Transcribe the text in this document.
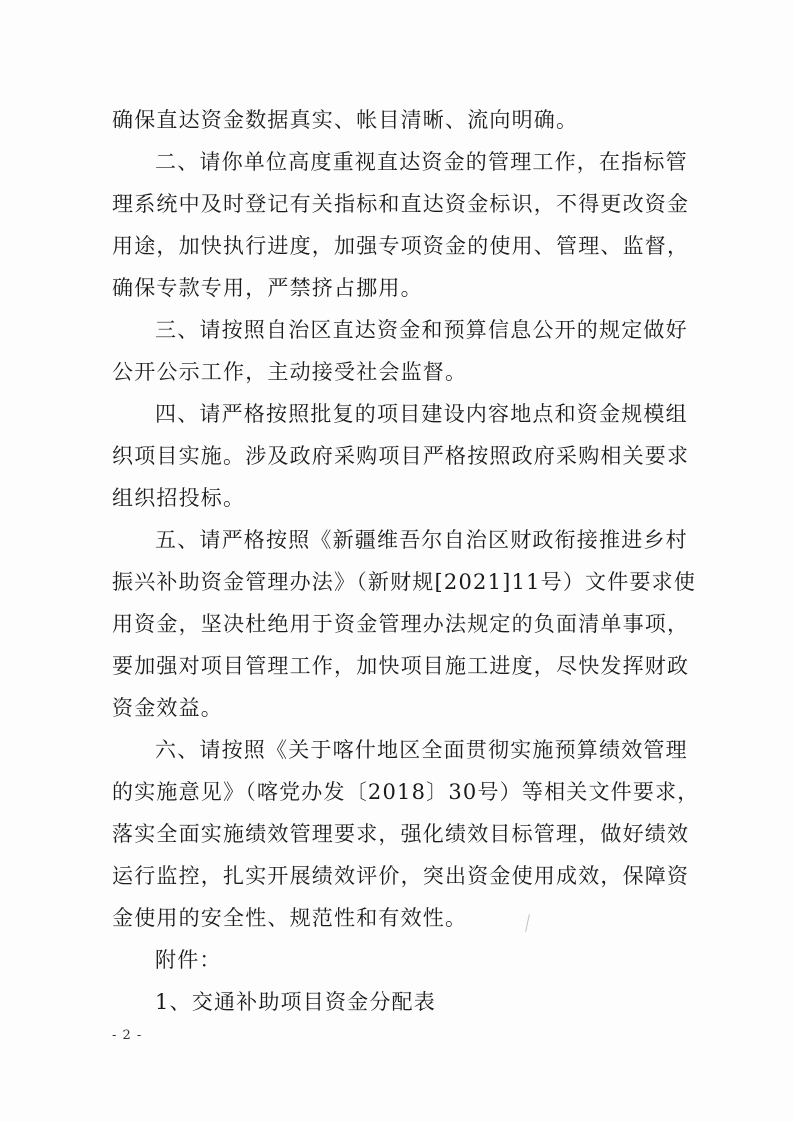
确保直达资金数据真实、帐目清晰、流向明确。
二、请你单位高度重视直达资金的管理工作，在指标管
理系统中及时登记有关指标和直达资金标识，不得更改资金
用途，加快执行进度，加强专项资金的使用、管理、监督，
确保专款专用，严禁挤占挪用。
三、请按照自治区直达资金和预算信息公开的规定做好
公开公示工作，主动接受社会监督。
四、请严格按照批复的项目建设内容地点和资金规模组
织项目实施。涉及政府采购项目严格按照政府采购相关要求
组织招投标。
五、请严格按照《新疆维吾尔自治区财政衔接推进乡村
振兴补助资金管理办法》（新财规[2021]11号）文件要求使
用资金，坚决杜绝用于资金管理办法规定的负面清单事项，
要加强对项目管理工作，加快项目施工进度，尽快发挥财政
资金效益。
六、请按照《关于喀什地区全面贯彻实施预算绩效管理
的实施意见》（喀党办发〔2018〕30号）等相关文件要求，
落实全面实施绩效管理要求，强化绩效目标管理，做好绩效
运行监控，扎实开展绩效评价，突出资金使用成效，保障资
金使用的安全性、规范性和有效性。
附件：
1、交通补助项目资金分配表
- 2 -
